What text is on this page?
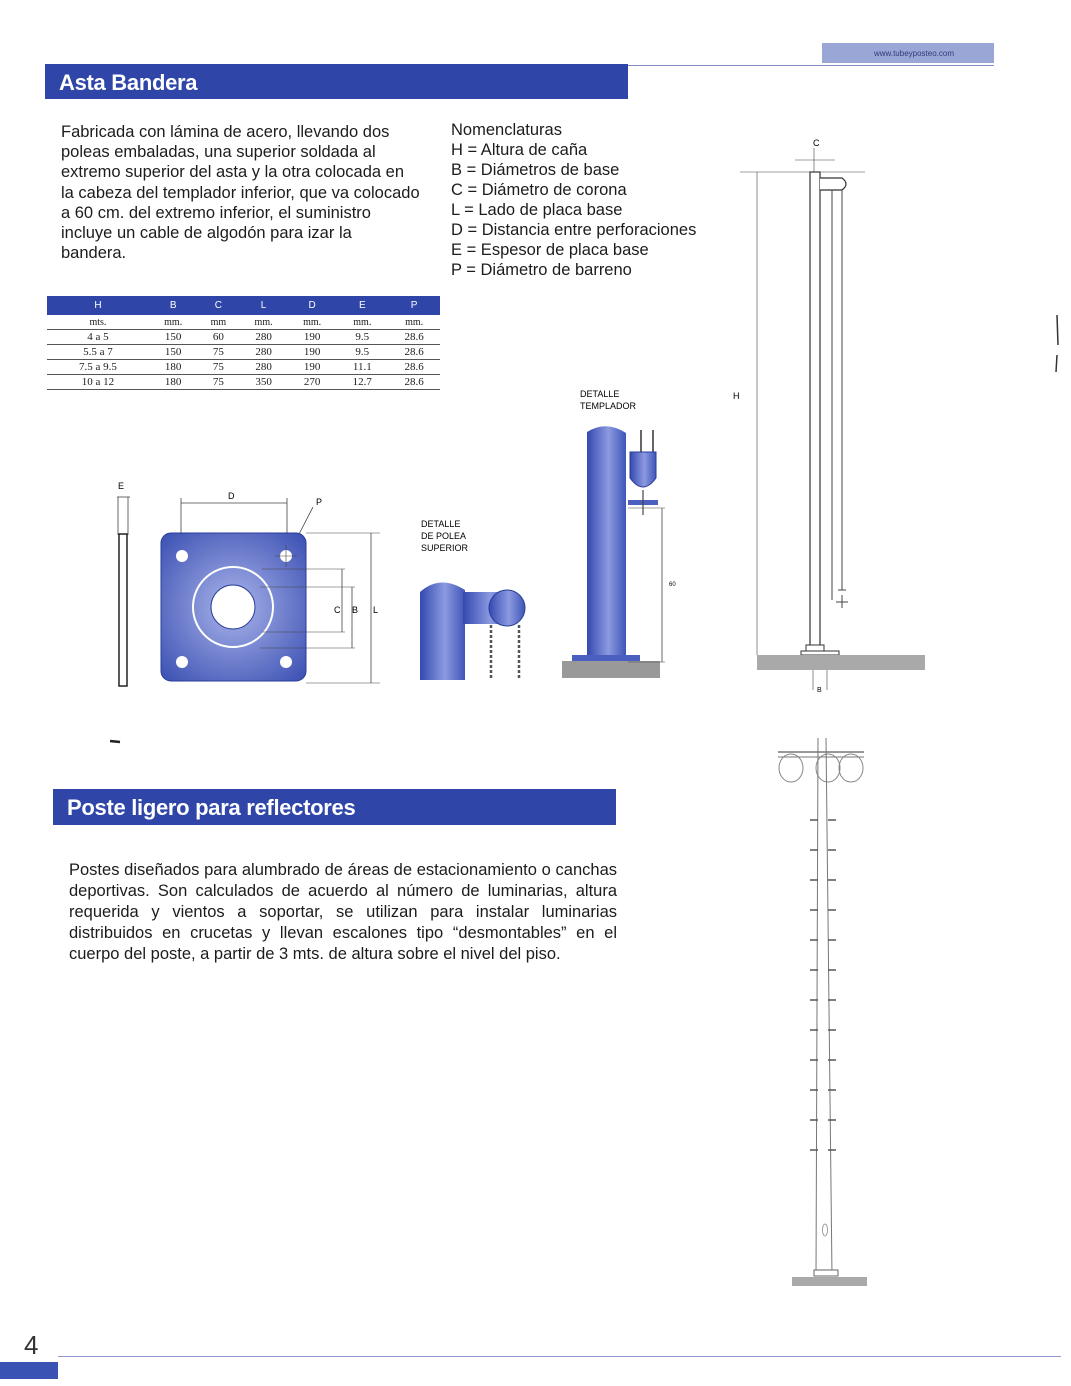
www.tubeyposteo.com
Asta Bandera
Fabricada con lámina de acero, llevando dos poleas embaladas, una superior soldada al extremo superior del asta y la otra colocada en la cabeza del templador inferior, que va colocado a 60 cm. del extremo inferior, el suministro incluye un cable de algodón para izar la bandera.
Nomenclaturas
H = Altura de caña
B = Diámetros de base
C = Diámetro de corona
L = Lado de placa base
D = Distancia entre perforaciones
E = Espesor de placa base
P = Diámetro de barreno
H	B	C	L	D	E	P
mts.	mm.	mm	mm.	mm.	mm.	mm.
4 a 5	150	60	280	190	9.5	28.6
5.5 a 7	150	75	280	190	9.5	28.6
7.5 a 9.5	180	75	280	190	11.1	28.6
10 a 12	180	75	350	270	12.7	28.6
E
D
P
C B L
DETALLE
DE POLEA
SUPERIOR
DETALLE
TEMPLADOR
60
C
H
B
Poste ligero para reflectores
Postes diseñados para alumbrado de áreas de estacionamiento o canchas deportivas. Son calculados de acuerdo al número de luminarias, altura requerida y vientos a soportar, se utilizan para instalar luminarias distribuidos en crucetas y llevan escalones tipo “desmontables” en el cuerpo del poste, a partir de 3 mts. de altura sobre el nivel del piso.
4
